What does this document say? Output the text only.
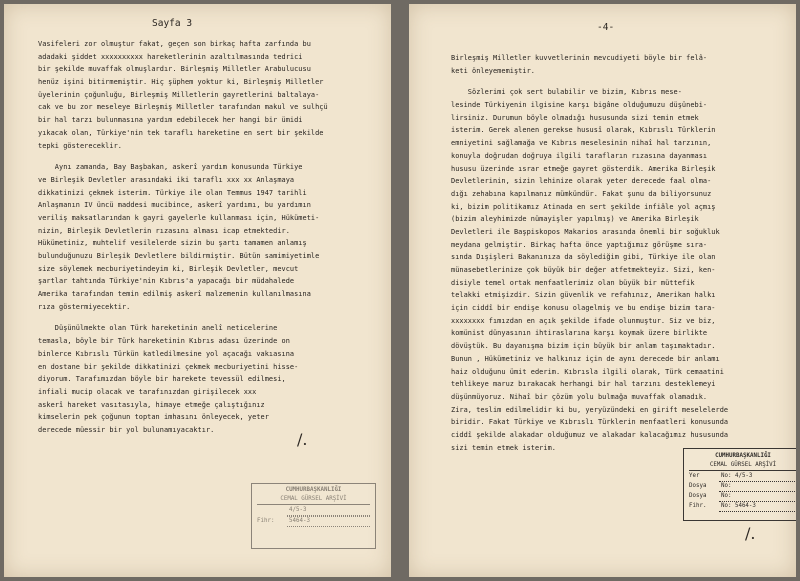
Sayfa 3
Vasifeleri zor olmuştur fakat, geçen son birkaç hafta zarfında bu
adadaki şiddet xxxxxxxxxx hareketlerinin azaltılmasında tedrici
bir şekilde muvaffak olmuşlardır. Birleşmiş Milletler Arabulucusu
henüz işini bitirmemiştir. Hiç şüphem yoktur ki, Birleşmiş Milletler
üyelerinin çoğunluğu, Birleşmiş Milletlerin gayretlerini baltalaya-
cak ve bu zor meseleye Birleşmiş Milletler tarafından makul ve sulhçü
bir hal tarzı bulunmasına yardım edebilecek her hangi bir ümidi
yıkacak olan, Türkiye'nin tek taraflı hareketine en sert bir şekilde
tepki göstereceklir.
Aynı zamanda, Bay Başbakan, askerî yardım konusunda Türkiye
ve Birleşik Devletler arasındaki iki taraflı xxx xx Anlaşmaya
dikkatinizi çekmek isterim. Türkiye ile olan Temmus 1947 tarihli
Anlaşmanın IV üncü maddesi mucibince, askerî yardımı, bu yardımın
veriliş maksatlarından k gayri gayelerle kullanması için, Hükümeti-
nizin, Birleşik Devletlerin rızasını alması icap etmektedir.
Hükümetiniz, muhtelif vesilelerde sizin bu şartı tamamen anlamış
bulunduğunuzu Birleşik Devletlere bildirmiştir. Bütün samimiyetimle
size söylemek mecburiyetindeyim ki, Birleşik Devletler, mevcut
şartlar tahtında Türkiye'nin Kıbrıs'a yapacağı bir müdahalede
Amerika tarafından temin edilmiş askerî malzemenin kullanılmasına
rıza göstermiyecektir.
Düşünülmekte olan Türk hareketinin anelî neticelerine
temasla, böyle bir Türk hareketinin Kıbrıs adası üzerinde on
binlerce Kıbrıslı Türkün katledilmesine yol açacağı vakıasına
en dostane bir şekilde dikkatinizi çekmek mecburiyetini hisse-
diyorum. Tarafımızdan böyle bir harekete tevessül edilmesi,
infiali mucip olacak ve tarafınızdan girişilecek xxx
askerî hareket vasıtasıyla, himaye etmeğe çalıştığınız
kimselerin pek çoğunun toptan imhasını önleyecek, yeter
derecede müessir bir yol bulunamıyacaktır.
/.
CUMHURBAŞKANLIĞI
CEMAL GÜRSEL ARŞİVİ
4/5-3
Fihr:	5464-3
-4-
Birleşmiş Milletler kuvvetlerinin mevcudiyeti böyle bir felâ-
keti önleyememiştir.
Sözlerimi çok sert bulabilir ve bizim, Kıbrıs mese-
lesinde Türkiyenin ilgisine karşı bigâne olduğumuzu düşünebi-
lirsiniz. Durumun böyle olmadığı hususunda sizi temin etmek
isterim. Gerek alenen gerekse hususî olarak, Kıbrıslı Türklerin
emniyetini sağlamağa ve Kıbrıs meselesinin nihaî hal tarzının,
konuyla doğrudan doğruya ilgili tarafların rızasına dayanması
hususu üzerinde ısrar etmeğe gayret gösterdik. Amerika Birleşik
Devletlerinin, sizin lehinize olarak yeter derecede faal olma-
dığı zehabına kapılmanız mümkündür. Fakat şunu da biliyorsunuz
ki, bizim politikamız Atinada en sert şekilde infiâle yol açmış
(bizim aleyhimizde nümayişler yapılmış) ve Amerika Birleşik
Devletleri ile Başpiskopos Makarios arasında önemli bir soğukluk
meydana gelmiştir. Birkaç hafta önce yaptığımız görüşme sıra-
sında Dışişleri Bakanınıza da söylediğim gibi, Türkiye ile olan
münasebetlerinize çok büyük bir değer atfetmekteyiz. Sizi, ken-
disiyle temel ortak menfaatlerimiz olan büyük bir müttefik
telakki etmişizdir. Sizin güvenlik ve refahınız, Amerikan halkı
için ciddî bir endişe konusu olagelmiş ve bu endişe bizim tara-
xxxxxxxx fımızdan en açık şekilde ifade olunmuştur. Siz ve biz,
komünist dünyasının ihtiraslarına karşı koymak üzere birlikte
dövüştük. Bu dayanışma bizim için büyük bir anlam taşımaktadır.
Bunun , Hükümetiniz ve halkınız için de aynı derecede bir anlamı
haiz olduğunu ümit ederim. Kıbrısla ilgili olarak, Türk cemaatini
tehlikeye maruz bırakacak herhangi bir hal tarzını desteklemeyi
düşünmüyoruz. Nihaî bir çözüm yolu bulmağa muvaffak olamadık.
Zira, teslim edilmelidir ki bu, yeryüzündeki en girift meselelerde
biridir. Fakat Türkiye ve Kıbrıslı Türklerin menfaatleri konusunda
ciddî şekilde alakadar olduğumuz ve alakadar kalacağımız hususunda
sizi temin etmek isterim.
/.
CUMHURBAŞKANLIĞI
CEMAL GÜRSEL ARŞİVİ
Yer	No: 4/5-3
Dosya	No:
Dosya	No:
Fihr.	No: 5464-3
